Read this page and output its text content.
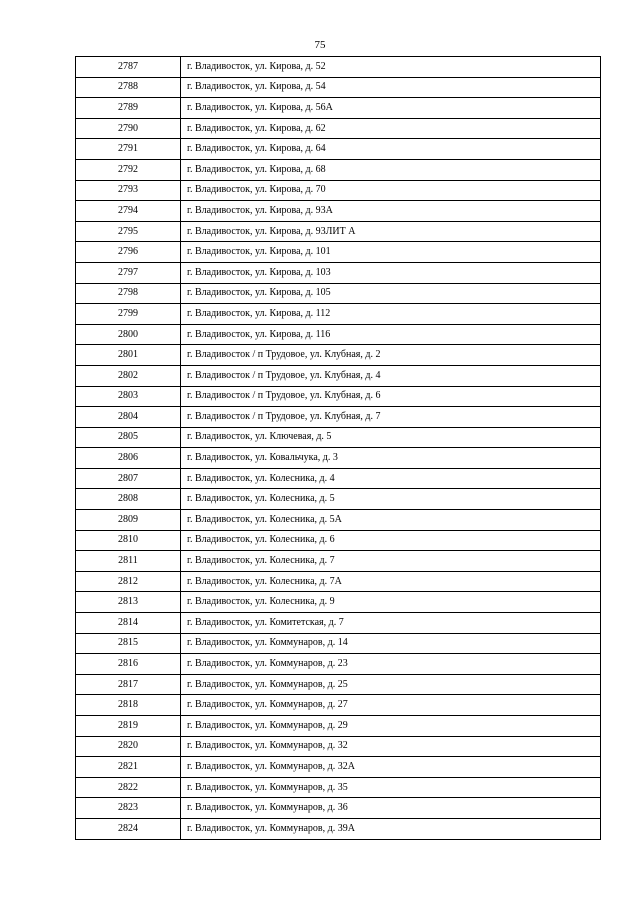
75
2787	г. Владивосток, ул. Кирова, д. 52
2788	г. Владивосток, ул. Кирова, д. 54
2789	г. Владивосток, ул. Кирова, д. 56А
2790	г. Владивосток, ул. Кирова, д. 62
2791	г. Владивосток, ул. Кирова, д. 64
2792	г. Владивосток, ул. Кирова, д. 68
2793	г. Владивосток, ул. Кирова, д. 70
2794	г. Владивосток, ул. Кирова, д. 93А
2795	г. Владивосток, ул. Кирова, д. 93ЛИТ А
2796	г. Владивосток, ул. Кирова, д. 101
2797	г. Владивосток, ул. Кирова, д. 103
2798	г. Владивосток, ул. Кирова, д. 105
2799	г. Владивосток, ул. Кирова, д. 112
2800	г. Владивосток, ул. Кирова, д. 116
2801	г. Владивосток / п Трудовое, ул. Клубная, д. 2
2802	г. Владивосток / п Трудовое, ул. Клубная, д. 4
2803	г. Владивосток / п Трудовое, ул. Клубная, д. 6
2804	г. Владивосток / п Трудовое, ул. Клубная, д. 7
2805	г. Владивосток, ул. Ключевая, д. 5
2806	г. Владивосток, ул. Ковальчука, д. 3
2807	г. Владивосток, ул. Колесника, д. 4
2808	г. Владивосток, ул. Колесника, д. 5
2809	г. Владивосток, ул. Колесника, д. 5А
2810	г. Владивосток, ул. Колесника, д. 6
2811	г. Владивосток, ул. Колесника, д. 7
2812	г. Владивосток, ул. Колесника, д. 7А
2813	г. Владивосток, ул. Колесника, д. 9
2814	г. Владивосток, ул. Комитетская, д. 7
2815	г. Владивосток, ул. Коммунаров, д. 14
2816	г. Владивосток, ул. Коммунаров, д. 23
2817	г. Владивосток, ул. Коммунаров, д. 25
2818	г. Владивосток, ул. Коммунаров, д. 27
2819	г. Владивосток, ул. Коммунаров, д. 29
2820	г. Владивосток, ул. Коммунаров, д. 32
2821	г. Владивосток, ул. Коммунаров, д. 32А
2822	г. Владивосток, ул. Коммунаров, д. 35
2823	г. Владивосток, ул. Коммунаров, д. 36
2824	г. Владивосток, ул. Коммунаров, д. 39А
